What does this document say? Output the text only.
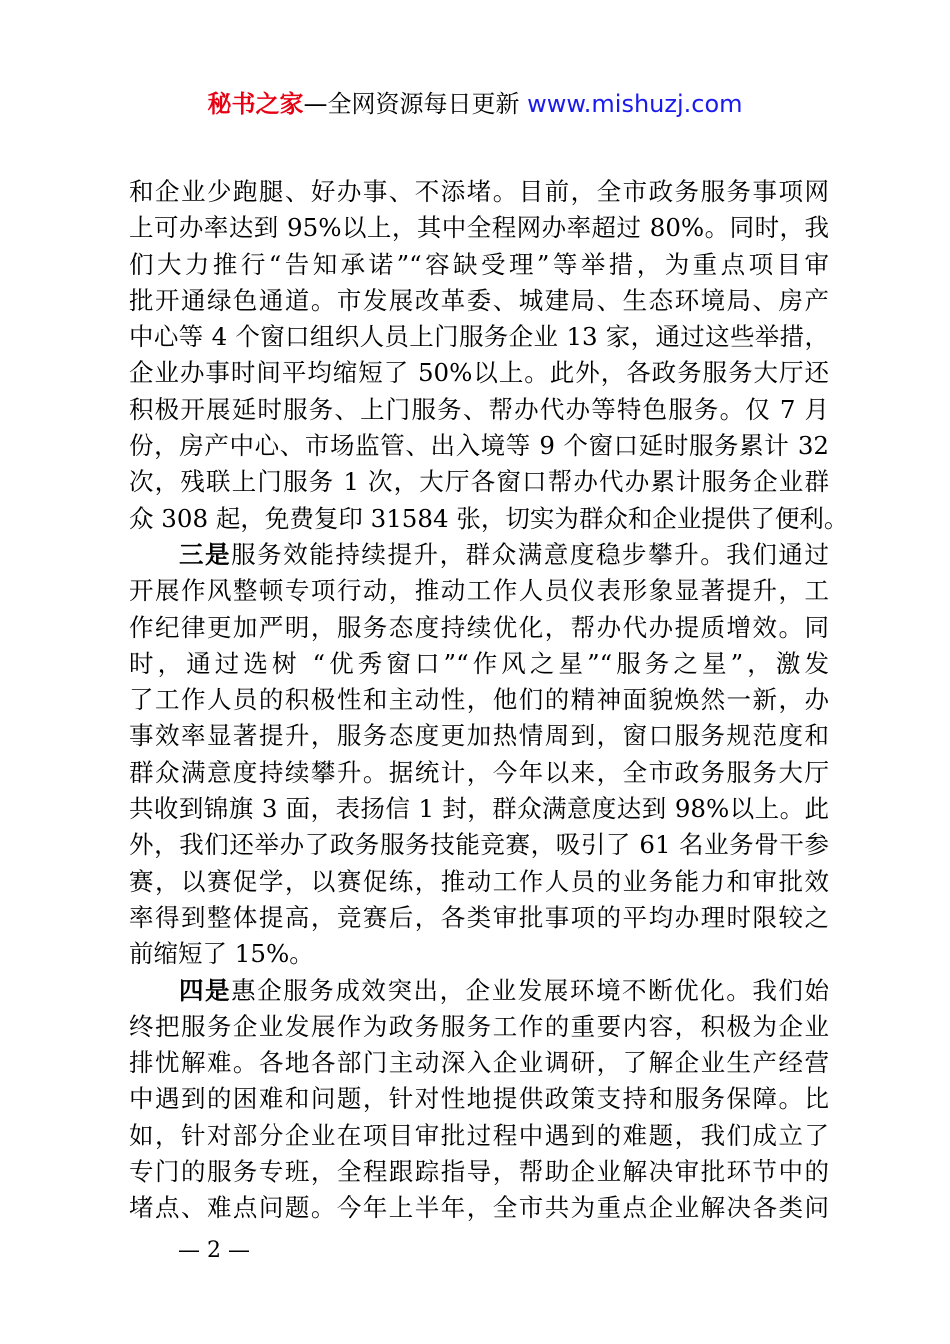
秘书之家—全网资源每日更新 www.mishuzj.com
和企业少跑腿、好办事、不添堵。目前，全市政务服务事项网
上可办率达到 95%以上，其中全程网办率超过 80%。同时，我
们大力推行“告知承诺”“容缺受理”等举措，为重点项目审
批开通绿色通道。市发展改革委、城建局、生态环境局、房产
中心等 4 个窗口组织人员上门服务企业 13 家，通过这些举措，
企业办事时间平均缩短了 50%以上。此外，各政务服务大厅还
积极开展延时服务、上门服务、帮办代办等特色服务。仅 7 月
份，房产中心、市场监管、出入境等 9 个窗口延时服务累计 32
次，残联上门服务 1 次，大厅各窗口帮办代办累计服务企业群
众 308 起，免费复印 31584 张，切实为群众和企业提供了便利。
三是服务效能持续提升，群众满意度稳步攀升。我们通过
开展作风整顿专项行动，推动工作人员仪表形象显著提升，工
作纪律更加严明，服务态度持续优化，帮办代办提质增效。同
时，通过选树 “优秀窗口”“作风之星”“服务之星”，激发
了工作人员的积极性和主动性，他们的精神面貌焕然一新，办
事效率显著提升，服务态度更加热情周到，窗口服务规范度和
群众满意度持续攀升。据统计，今年以来，全市政务服务大厅
共收到锦旗 3 面，表扬信 1 封，群众满意度达到 98%以上。此
外，我们还举办了政务服务技能竞赛，吸引了 61 名业务骨干参
赛，以赛促学，以赛促练，推动工作人员的业务能力和审批效
率得到整体提高，竞赛后，各类审批事项的平均办理时限较之
前缩短了 15%。
四是惠企服务成效突出，企业发展环境不断优化。我们始
终把服务企业发展作为政务服务工作的重要内容，积极为企业
排忧解难。各地各部门主动深入企业调研，了解企业生产经营
中遇到的困难和问题，针对性地提供政策支持和服务保障。比
如，针对部分企业在项目审批过程中遇到的难题，我们成立了
专门的服务专班，全程跟踪指导，帮助企业解决审批环节中的
堵点、难点问题。今年上半年，全市共为重点企业解决各类问
— 2 —
